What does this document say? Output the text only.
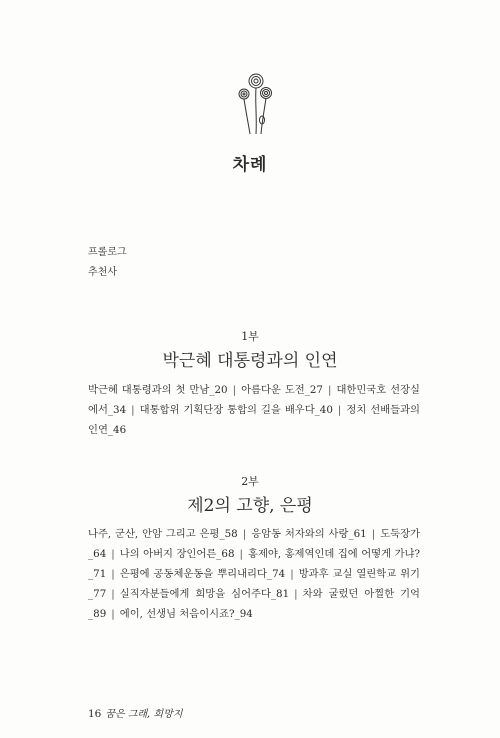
차례
프롤로그
추천사
1부
박근혜 대통령과의 인연
박근혜 대통령과의 첫 만남_20 | 아름다운 도전_27 | 대한민국호 선장실에서_34 | 대통합위 기획단장 통합의 길을 배우다_40 | 정치 선배들과의 인연_46
2부
제2의 고향, 은평
나주, 군산, 안암 그리고 은평_58 | 응암동 처자와의 사랑_61 | 도둑장가_64 | 나의 아버지 장인어른_68 | 홍제야, 홍제역인데 집에 어떻게 가냐?_71 | 은평에 공동체운동을 뿌리내리다_74 | 방과후 교실 열린학교 위기_77 | 실직자분들에게 희망을 심어주다_81 | 차와 굴렀던 아찔한 기억_89 | 에이, 선생님 처음이시죠?_94
16 꿈은 그래, 희망지
